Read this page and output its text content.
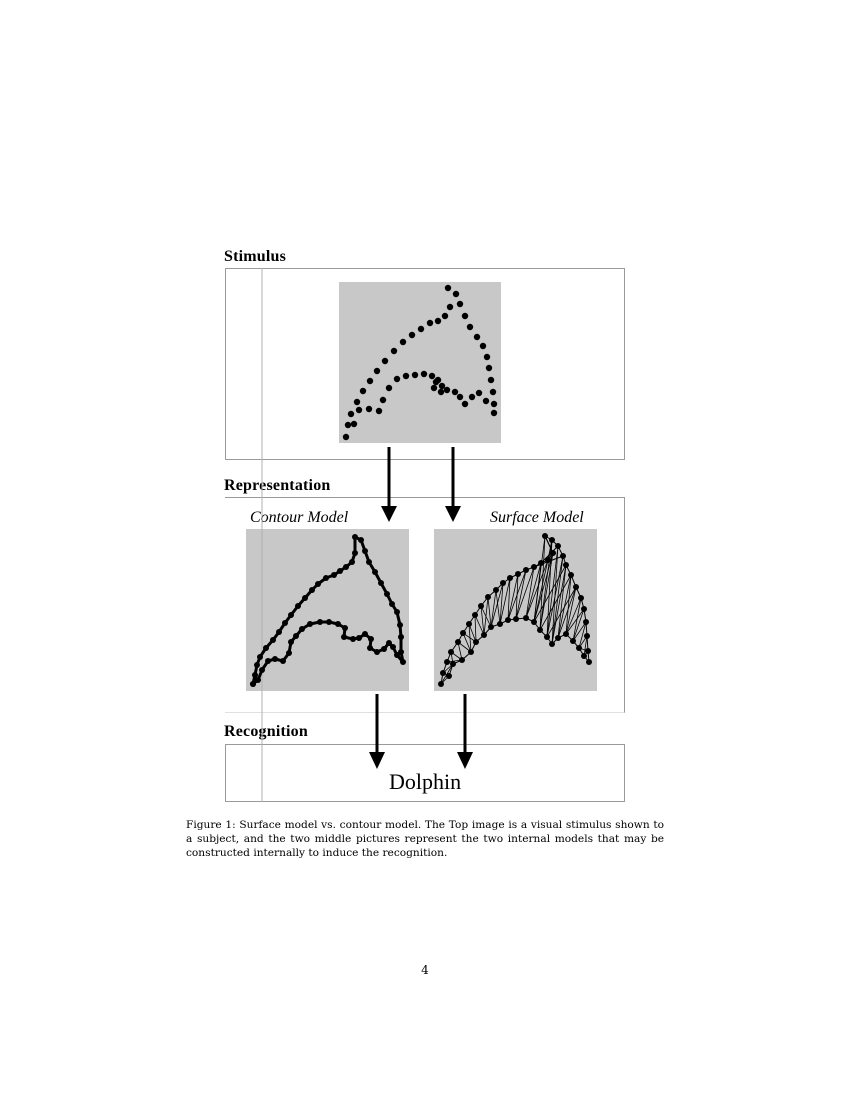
Stimulus
Representation
Recognition
Contour Model	Surface Model
Dolphin
Figure 1: Surface model vs. contour model. The Top image is a visual stimulus shown to a subject, and the two middle pictures represent the two internal models that may be constructed internally to induce the recognition.
4
